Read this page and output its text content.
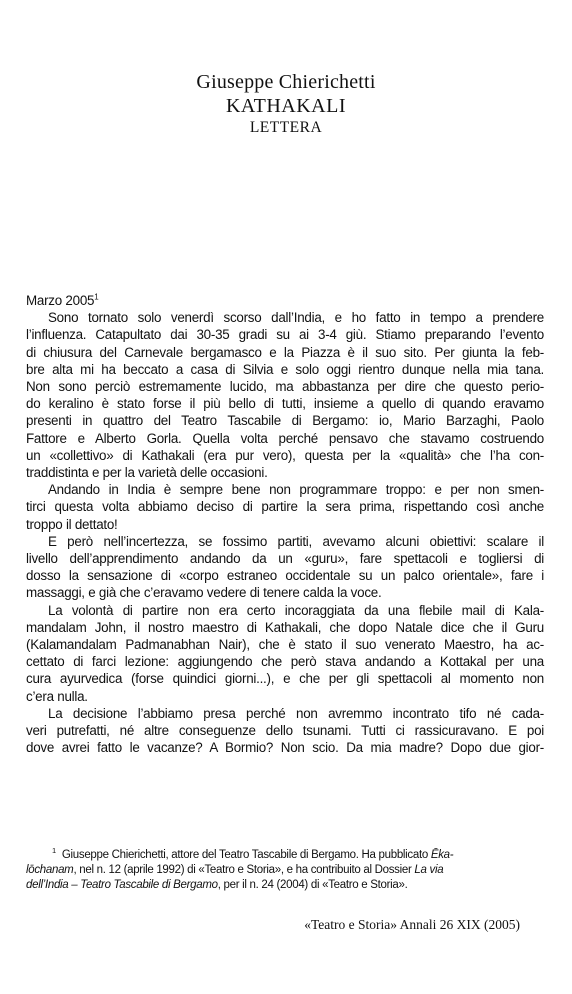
Giuseppe Chierichetti
KATHAKALI
LETTERA
Marzo 2005$^1$
Sono tornato solo venerdì scorso dall’India, e ho fatto in tempo a prendere
l’influenza. Catapultato dai 30-35 gradi su ai 3-4 giù. Stiamo preparando l’evento
di chiusura del Carnevale bergamasco e la Piazza è il suo sito. Per giunta la feb-
bre alta mi ha beccato a casa di Silvia e solo oggi rientro dunque nella mia tana.
Non sono perciò estremamente lucido, ma abbastanza per dire che questo perio-
do keralino è stato forse il più bello di tutti, insieme a quello di quando eravamo
presenti in quattro del Teatro Tascabile di Bergamo: io, Mario Barzaghi, Paolo
Fattore e Alberto Gorla. Quella volta perché pensavo che stavamo costruendo
un «collettivo» di Kathakali (era pur vero), questa per la «qualità» che l’ha con-
traddistinta e per la varietà delle occasioni.
Andando in India è sempre bene non programmare troppo: e per non smen-
tirci questa volta abbiamo deciso di partire la sera prima, rispettando così anche
troppo il dettato!
E però nell’incertezza, se fossimo partiti, avevamo alcuni obiettivi: scalare il
livello dell’apprendimento andando da un «guru», fare spettacoli e togliersi di
dosso la sensazione di «corpo estraneo occidentale su un palco orientale», fare i
massaggi, e già che c’eravamo vedere di tenere calda la voce.
La volontà di partire non era certo incoraggiata da una flebile mail di Kala-
mandalam John, il nostro maestro di Kathakali, che dopo Natale dice che il Guru
(Kalamandalam Padmanabhan Nair), che è stato il suo venerato Maestro, ha ac-
cettato di farci lezione: aggiungendo che però stava andando a Kottakal per una
cura ayurvedica (forse quindici giorni...), e che per gli spettacoli al momento non
c’era nulla.
La decisione l’abbiamo presa perché non avremmo incontrato tifo né cada-
veri putrefatti, né altre conseguenze dello tsunami. Tutti ci rassicuravano. E poi
dove avrei fatto le vacanze? A Bormio? Non scio. Da mia madre? Dopo due gior-
$^1$ Giuseppe Chierichetti, attore del Teatro Tascabile di Bergamo. Ha pubblicato Ēka-
lōchanam, nel n. 12 (aprile 1992) di «Teatro e Storia», e ha contribuito al Dossier La via
dell’India – Teatro Tascabile di Bergamo, per il n. 24 (2004) di «Teatro e Storia».
«Teatro e Storia» Annali 26 XIX (2005)
